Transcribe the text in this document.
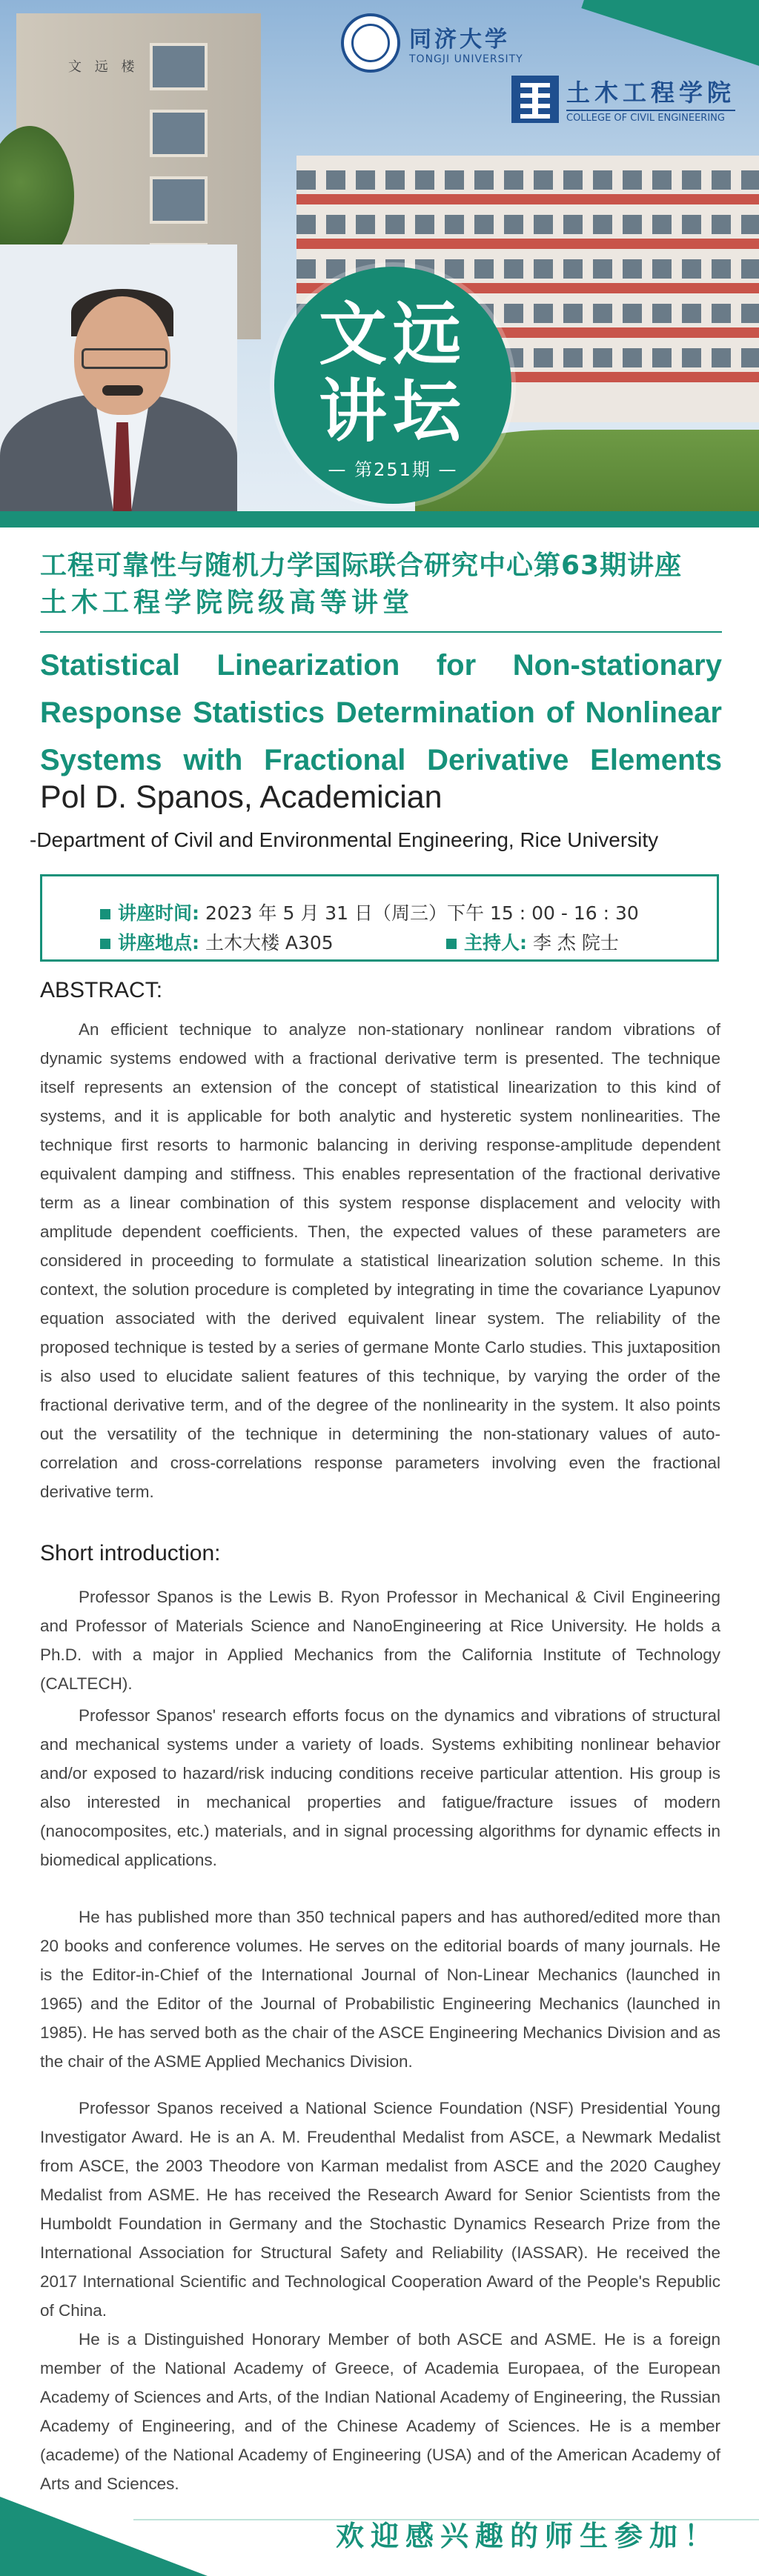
文 远 楼
文远
讲坛
— 第251期 —
同济大学
TONGJI UNIVERSITY
土木工程学院
COLLEGE OF CIVIL ENGINEERING
工程可靠性与随机力学国际联合研究中心第63期讲座
土木工程学院院级高等讲堂
Statistical Linearization for Non-stationary Response Statistics Determination of Nonlinear Systems with Fractional Derivative Elements
Pol D. Spanos, Academician
-Department of Civil and Environmental Engineering, Rice University
讲座时间: 2023 年 5 月 31 日（周三）下午 15 : 00 - 16 : 30
讲座地点: 土木大楼 A305	主持人: 李 杰 院士
ABSTRACT:

An efficient technique to analyze non-stationary nonlinear random vibrations of dynamic systems endowed with a fractional derivative term is presented. The technique itself represents an extension of the concept of statistical linearization to this kind of systems, and it is applicable for both analytic and hysteretic system nonlinearities. The technique first resorts to harmonic balancing in deriving response-amplitude dependent equivalent damping and stiffness. This enables representation of the fractional derivative term as a linear combination of this system response displacement and velocity with amplitude dependent coefficients. Then, the expected values of these parameters are considered in proceeding to formulate a statistical linearization solution scheme. In this context, the solution procedure is completed by integrating in time the covariance Lyapunov equation associated with the derived equivalent linear system. The reliability of the proposed technique is tested by a series of germane Monte Carlo studies. This juxtaposition is also used to elucidate salient features of this technique, by varying the order of the fractional derivative term, and of the degree of the nonlinearity in the system. It also points out the versatility of the technique in determining the non-stationary values of auto-correlation and cross-correlations response parameters involving even the fractional derivative term.

Short introduction:

Professor Spanos is the Lewis B. Ryon Professor in Mechanical & Civil Engineering and Professor of Materials Science and NanoEngineering at Rice University. He holds a Ph.D. with a major in Applied Mechanics from the California Institute of Technology (CALTECH).

Professor Spanos' research efforts focus on the dynamics and vibrations of structural and mechanical systems under a variety of loads. Systems exhibiting nonlinear behavior and/or exposed to hazard/risk inducing conditions receive particular attention. His group is also interested in mechanical properties and fatigue/fracture issues of modern (nanocomposites, etc.) materials, and in signal processing algorithms for dynamic effects in biomedical applications.

He has published more than 350 technical papers and has authored/edited more than 20 books and conference volumes. He serves on the editorial boards of many journals. He is the Editor-in-Chief of the International Journal of Non-Linear Mechanics (launched in 1965) and the Editor of the Journal of Probabilistic Engineering Mechanics (launched in 1985). He has served both as the chair of the ASCE Engineering Mechanics Division and as the chair of the ASME Applied Mechanics Division.

Professor Spanos received a National Science Foundation (NSF) Presidential Young Investigator Award. He is an A. M. Freudenthal Medalist from ASCE, a Newmark Medalist from ASCE, the 2003 Theodore von Karman medalist from ASCE and the 2020 Caughey Medalist from ASME. He has received the Research Award for Senior Scientists from the Humboldt Foundation in Germany and the Stochastic Dynamics Research Prize from the International Association for Structural Safety and Reliability (IASSAR). He received the 2017 International Scientific and Technological Cooperation Award of the People's Republic of China.

He is a Distinguished Honorary Member of both ASCE and ASME. He is a foreign member of the National Academy of Greece, of Academia Europaea, of the European Academy of Sciences and Arts, of the Indian National Academy of Engineering, the Russian Academy of Engineering, and of the Chinese Academy of Sciences. He is a member (academe) of the National Academy of Engineering (USA) and of the American Academy of Arts and Sciences.

欢迎感兴趣的师生参加！
